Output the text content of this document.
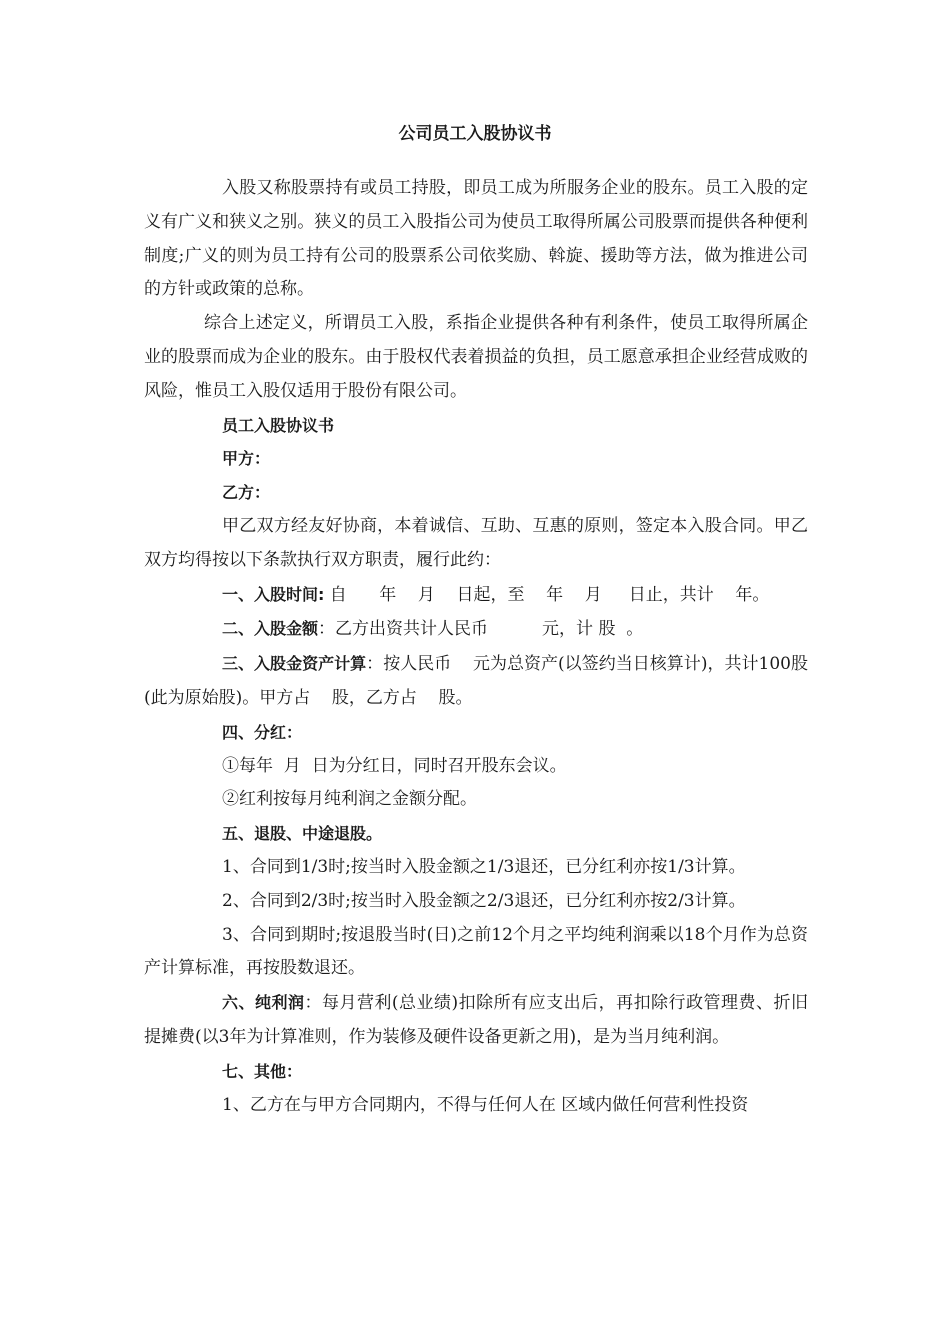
公司员工入股协议书

入股又称股票持有或员工持股，即员工成为所服务企业的股东。员工入股的定义有广义和狭义之别。狭义的员工入股指公司为使员工取得所属公司股票而提供各种便利制度;广义的则为员工持有公司的股票系公司依奖励、斡旋、援助等方法，做为推进公司的方针或政策的总称。

综合上述定义，所谓员工入股，系指企业提供各种有利条件，使员工取得所属企业的股票而成为企业的股东。由于股权代表着损益的负担，员工愿意承担企业经营成败的风险，惟员工入股仅适用于股份有限公司。

员工入股协议书

甲方：

乙方：

甲乙双方经友好协商，本着诚信、互助、互惠的原则，签定本入股合同。甲乙双方均得按以下条款执行双方职责，履行此约：

一、入股时间: 自      年    月    日起，至    年    月     日止，共计    年。

二、入股金额：乙方出资共计人民币          元，计 股  。

三、入股金资产计算：按人民币    元为总资产(以签约当日核算计)，共计100股(此为原始股)。甲方占    股，乙方占    股。

四、分红：

①每年  月  日为分红日，同时召开股东会议。

②红利按每月纯利润之金额分配。

五、退股、中途退股。

1、合同到1/3时;按当时入股金额之1/3退还，已分红利亦按1/3计算。

2、合同到2/3时;按当时入股金额之2/3退还，已分红利亦按2/3计算。

3、合同到期时;按退股当时(日)之前12个月之平均纯利润乘以18个月作为总资产计算标准，再按股数退还。

六、纯利润：每月营利(总业绩)扣除所有应支出后，再扣除行政管理费、折旧提摊费(以3年为计算准则，作为装修及硬件设备更新之用)，是为当月纯利润。

七、其他：

1、乙方在与甲方合同期内，不得与任何人在 区域内做任何营利性投资
